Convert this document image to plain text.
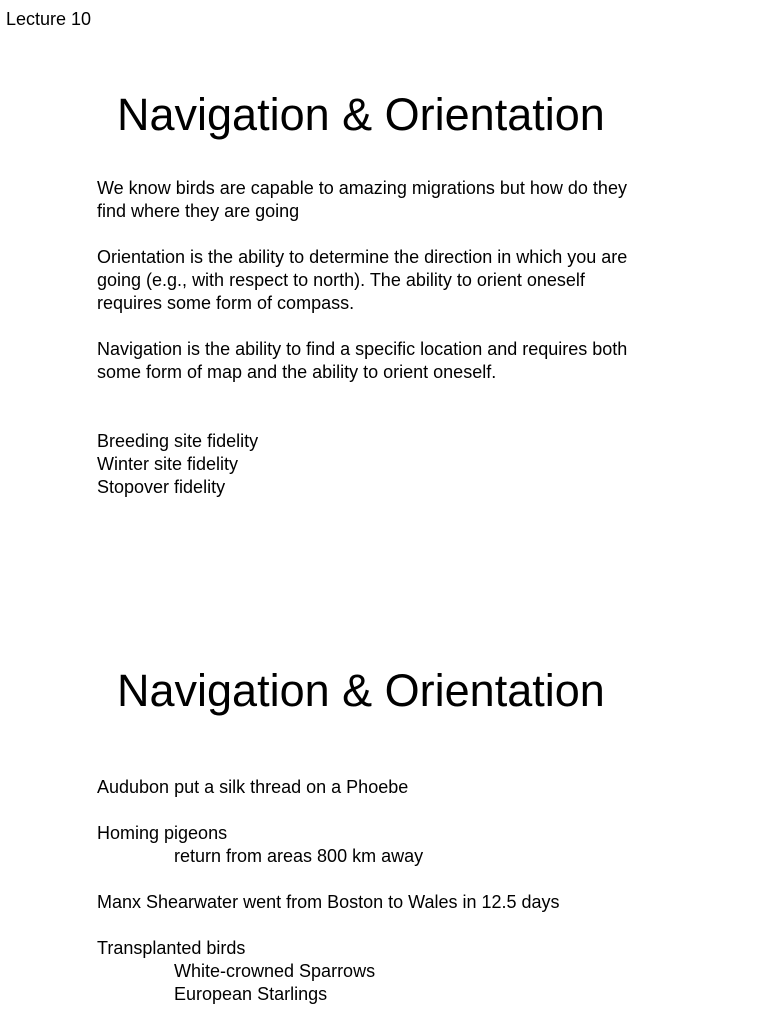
Lecture 10
Navigation & Orientation
We know birds are capable to amazing migrations but how do they
find where they are going
Orientation is the ability to determine the direction in which you are
going (e.g., with respect to north). The ability to orient oneself
requires some form of compass.
Navigation is the ability to find a specific location and requires both
some form of map and the ability to orient oneself.
Breeding site fidelity
Winter site fidelity
Stopover fidelity
Navigation & Orientation
Audubon put a silk thread on a Phoebe
Homing pigeons
return from areas 800 km away
Manx Shearwater went from Boston to Wales in 12.5 days
Transplanted birds
White-crowned Sparrows
European Starlings
